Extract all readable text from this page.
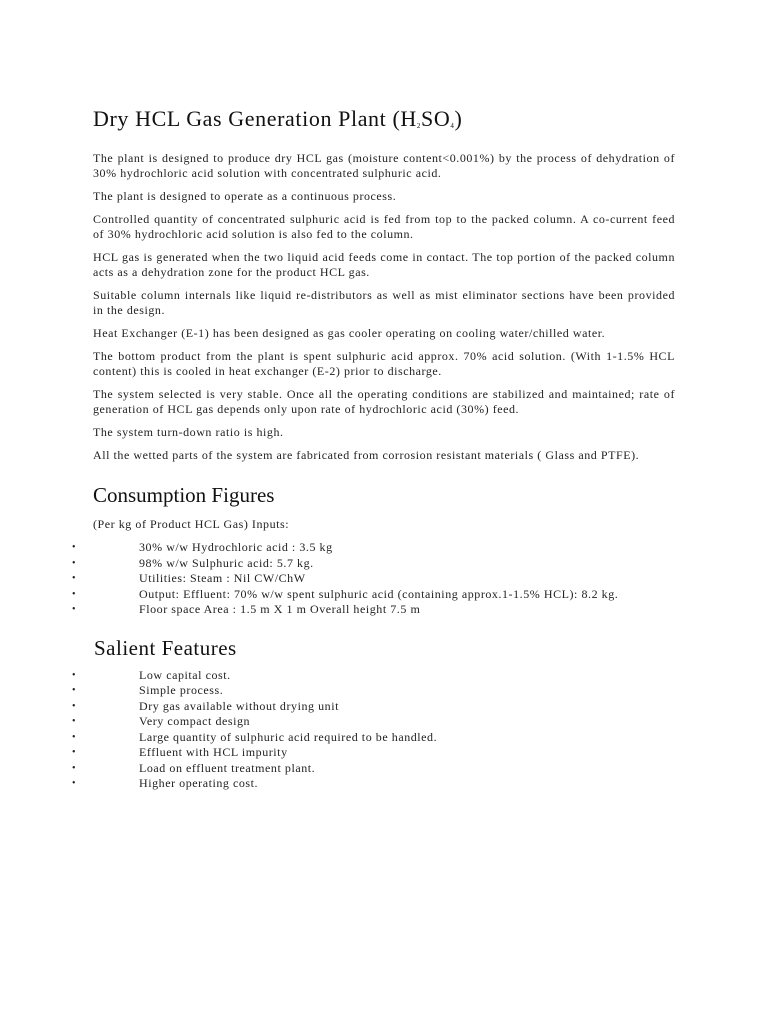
Dry HCL Gas Generation Plant $(H_2SO_4)$

The plant is designed to produce dry HCL gas (moisture content<0.001%) by the process of dehydration of 30% hydrochloric acid solution with concentrated sulphuric acid.

The plant is designed to operate as a continuous process.

Controlled quantity of concentrated sulphuric acid is fed from top to the packed column. A co-current feed of 30% hydrochloric acid solution is also fed to the column.

HCL gas is generated when the two liquid acid feeds come in contact. The top portion of the packed column acts as a dehydration zone for the product HCL gas.

Suitable column internals like liquid re-distributors as well as mist eliminator sections have been provided in the design.

Heat Exchanger (E-1) has been designed as gas cooler operating on cooling water/chilled water.

The bottom product from the plant is spent sulphuric acid approx. 70% acid solution. (With 1-1.5% HCL content) this is cooled in heat exchanger (E-2) prior to discharge.

The system selected is very stable. Once all the operating conditions are stabilized and maintained; rate of generation of HCL gas depends only upon rate of hydrochloric acid (30%) feed.

The system turn-down ratio is high.

All the wetted parts of the system are fabricated from corrosion resistant materials ( Glass and PTFE).

Consumption Figures

(Per kg of Product HCL Gas) Inputs:

•	30% w/w Hydrochloric acid : 3.5 kg
•	98% w/w Sulphuric acid: 5.7 kg.
•	Utilities: Steam : Nil CW/ChW
•	Output: Effluent: 70% w/w spent sulphuric acid (containing approx.1-1.5% HCL): 8.2 kg.
•	Floor space Area : 1.5 m X 1 m Overall height 7.5 m
Salient Features
•	Low capital cost.
•	Simple process.
•	Dry gas available without drying unit
•	Very compact design
•	Large quantity of sulphuric acid required to be handled.
•	Effluent with HCL impurity
•	Load on effluent treatment plant.
•	Higher operating cost.
